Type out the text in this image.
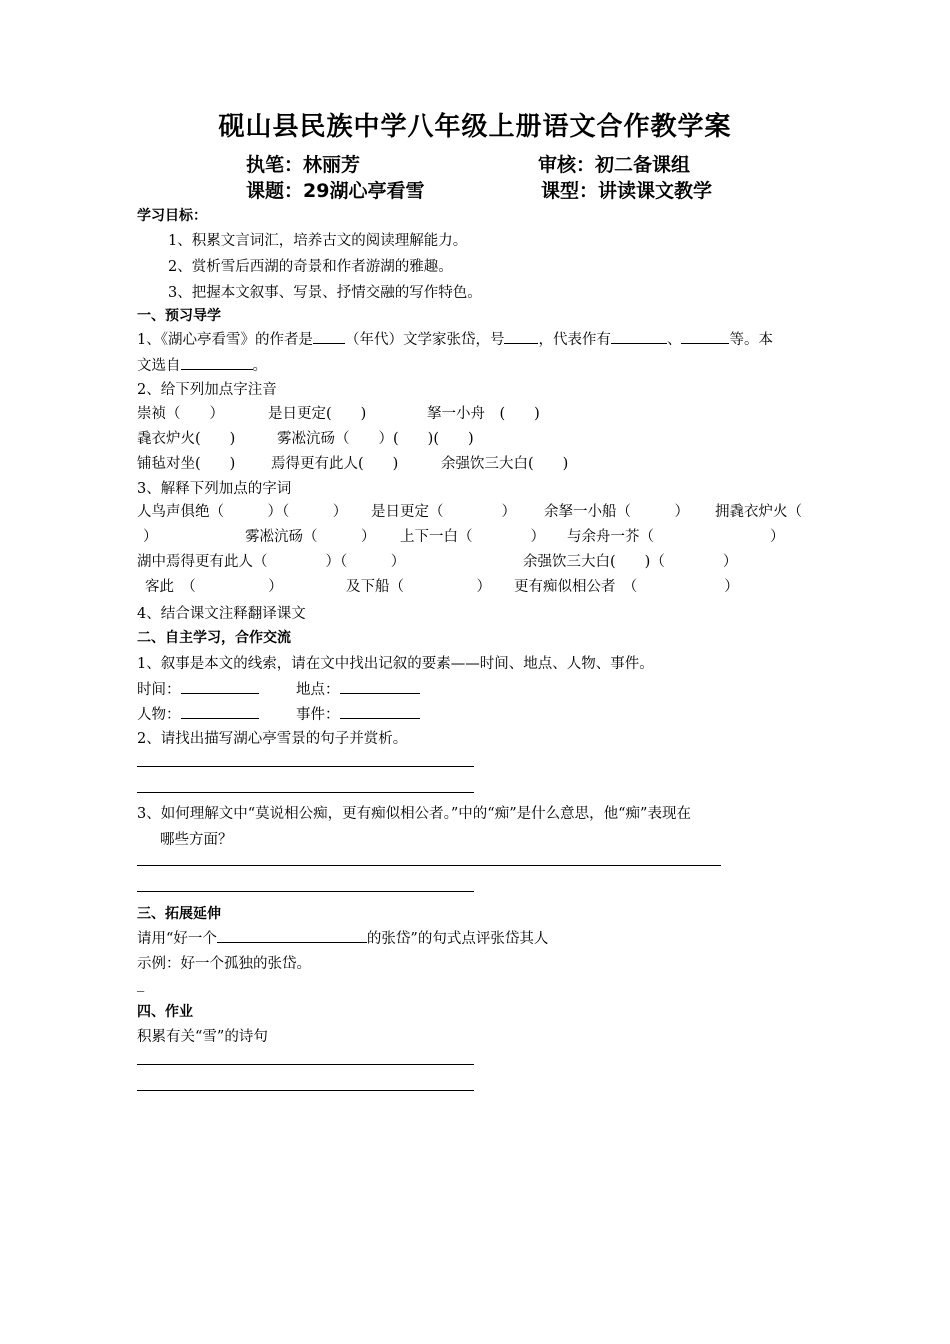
砚山县民族中学八年级上册语文合作教学案
执笔：林丽芳	审核：初二备课组
课题：29湖心亭看雪	课型：讲读课文教学
学习目标：
1、积累文言词汇，培养古文的阅读理解能力。
2、赏析雪后西湖的奇景和作者游湖的雅趣。
3、把握本文叙事、写景、抒情交融的写作特色。
一、预习导学
1、《湖心亭看雪》的作者是 （年代）文学家张岱，号 ，代表作有	、	等。本
文选自	。
2、给下列加点字注音
崇祯（　　）	是日更定(　　)	拏一小舟　(　　)
毳衣炉火(　　)	雾凇沆砀（　　）(　　)(　　)
铺毡对坐(　　) 焉得更有此人(　　)	余强饮三大白(　　)
3、解释下列加点的字词
人鸟声俱绝（　　　）（　　　） 是日更定（　　　　） 余拏一小船（　　　） 拥毳衣炉火（
）	雾凇沆砀（　　　） 上下一白（　　　　） 与余舟一芥（　　　　　　　　）
湖中焉得更有此人（　　　　）（　　　）	余强饮三大白(　　)（　　　　）
客此　（　　　　　）	及下船（　　　　　） 更有痴似相公者　（　　　　　　）
4、结合课文注释翻译课文
二、自主学习，合作交流
1、叙事是本文的线索，请在文中找出记叙的要素——时间、地点、人物、事件。
时间：	地点：
人物：	事件：
2、请找出描写湖心亭雪景的句子并赏析。
3、如何理解文中“莫说相公痴，更有痴似相公者。”中的“痴”是什么意思，他“痴”表现在
哪些方面？
三、拓展延伸
请用“好一个	的张岱”的句式点评张岱其人
示例：好一个孤独的张岱。
_
四、作业
积累有关“雪”的诗句
